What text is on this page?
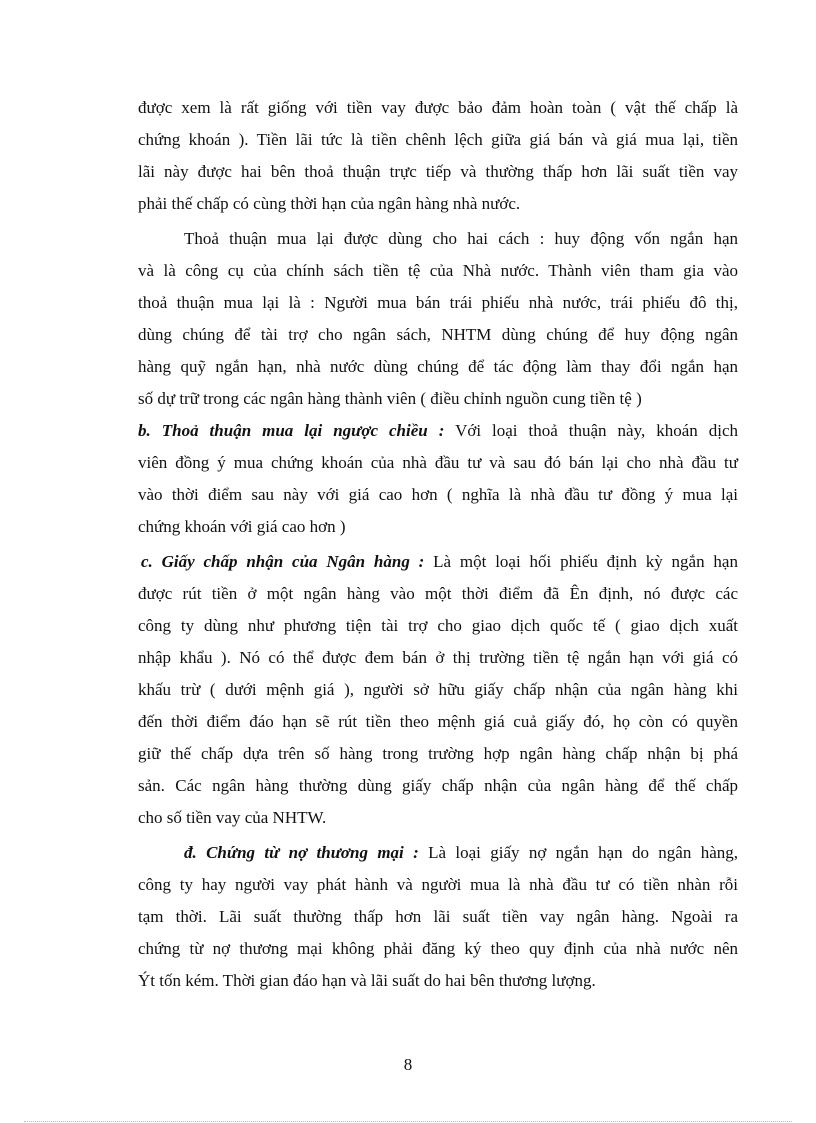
được xem là rất giống với tiền vay được bảo đảm hoàn toàn ( vật thế chấp là
chứng khoán ). Tiền lãi tức là tiền chênh lệch giữa giá bán và giá mua lại, tiền
lãi này được hai bên thoả thuận trực tiếp và thường thấp hơn lãi suất tiền vay
phải thế chấp có cùng thời hạn của ngân hàng nhà nước.
Thoả thuận mua lại được dùng cho hai cách : huy động vốn ngắn hạn
và là công cụ của chính sách tiền tệ của Nhà nước. Thành viên tham gia vào
thoả thuận mua lại là : Người mua bán trái phiếu nhà nước, trái phiếu đô thị,
dùng chúng để tài trợ cho ngân sách, NHTM dùng chúng để huy động ngân
hàng quỹ ngắn hạn, nhà nước dùng chúng để tác động làm thay đổi ngắn hạn
số dự trữ trong các ngân hàng thành viên ( điều chỉnh nguồn cung tiền tệ )
b. Thoả thuận mua lại ngược chiều : Với loại thoả thuận này, khoán dịch
viên đồng ý mua chứng khoán của nhà đầu tư và sau đó bán lại cho nhà đầu tư
vào thời điểm sau này với giá cao hơn ( nghĩa là nhà đầu tư đồng ý mua lại
chứng khoán với giá cao hơn )
c. Giấy chấp nhận của Ngân hàng : Là một loại hối phiếu định kỳ ngắn hạn
được rút tiền ở một ngân hàng vào một thời điểm đã Ên định, nó được các
công ty dùng như phương tiện tài trợ cho giao dịch quốc tế ( giao dịch xuất
nhập khẩu ). Nó có thể được đem bán ở thị trường tiền tệ ngắn hạn với giá có
khấu trừ ( dưới mệnh giá ), người sở hữu giấy chấp nhận của ngân hàng khi
đến thời điểm đáo hạn sẽ rút tiền theo mệnh giá cuả giấy đó, họ còn có quyền
giữ thế chấp dựa trên số hàng trong trường hợp ngân hàng chấp nhận bị phá
sản. Các ngân hàng thường dùng giấy chấp nhận của ngân hàng để thế chấp
cho số tiền vay của NHTW.
đ. Chứng từ nợ thương mại : Là loại giấy nợ ngắn hạn do ngân hàng,
công ty hay người vay phát hành và người mua là nhà đầu tư có tiền nhàn rỗi
tạm thời. Lãi suất thường thấp hơn lãi suất tiền vay ngân hàng. Ngoài ra
chứng từ nợ thương mại không phải đăng ký theo quy định của nhà nước nên
Ýt tốn kém. Thời gian đáo hạn và lãi suất do hai bên thương lượng.
8
